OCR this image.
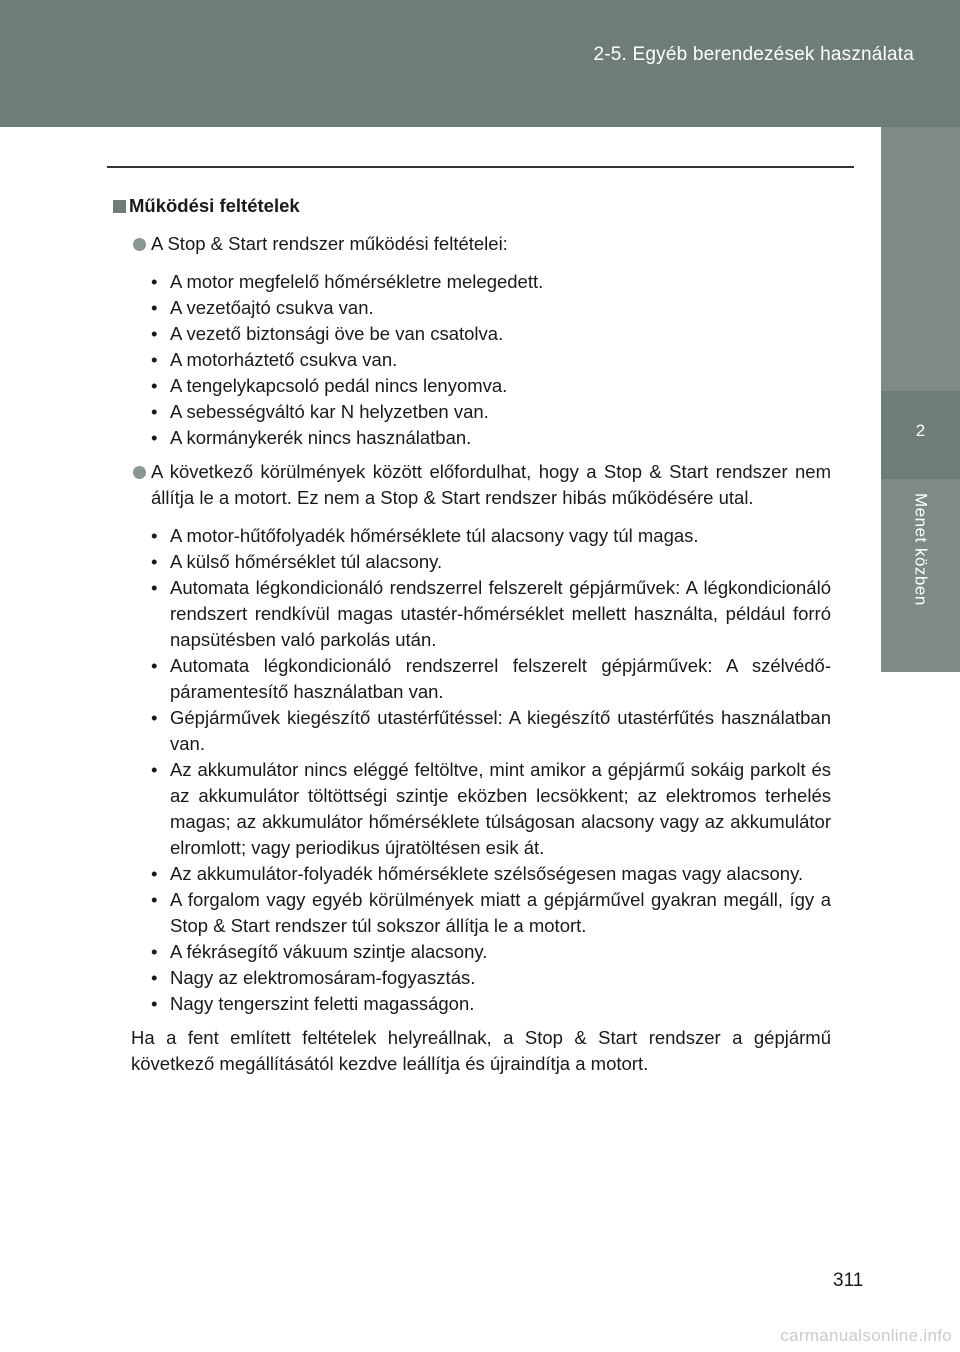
2-5. Egyéb berendezések használata
2
Menet közben
Működési feltételek
A Stop & Start rendszer működési feltételei:
• A motor megfelelő hőmérsékletre melegedett.
• A vezetőajtó csukva van.
• A vezető biztonsági öve be van csatolva.
• A motorháztető csukva van.
• A tengelykapcsoló pedál nincs lenyomva.
• A sebességváltó kar N helyzetben van.
• A kormánykerék nincs használatban.
A következő körülmények között előfordulhat, hogy a Stop & Start rendszer nem állítja le a motort. Ez nem a Stop & Start rendszer hibás működésére utal.
• A motor-hűtőfolyadék hőmérséklete túl alacsony vagy túl magas.
• A külső hőmérséklet túl alacsony.
• Automata légkondicionáló rendszerrel felszerelt gépjárművek: A légkondicionáló rendszert rendkívül magas utastér-hőmérséklet mellett használta, például forró napsütésben való parkolás után.
• Automata légkondicionáló rendszerrel felszerelt gépjárművek: A szélvédő-páramentesítő használatban van.
• Gépjárművek kiegészítő utastérfűtéssel: A kiegészítő utastérfűtés használatban van.
• Az akkumulátor nincs eléggé feltöltve, mint amikor a gépjármű sokáig parkolt és az akkumulátor töltöttségi szintje eközben lecsökkent; az elektromos terhelés magas; az akkumulátor hőmérséklete túlságosan alacsony vagy az akkumulátor elromlott; vagy periodikus újratöltésen esik át.
• Az akkumulátor-folyadék hőmérséklete szélsőségesen magas vagy alacsony.
• A forgalom vagy egyéb körülmények miatt a gépjárművel gyakran megáll, így a Stop & Start rendszer túl sokszor állítja le a motort.
• A fékrásegítő vákuum szintje alacsony.
• Nagy az elektromosáram-fogyasztás.
• Nagy tengerszint feletti magasságon.

Ha a fent említett feltételek helyreállnak, a Stop & Start rendszer a gépjármű következő megállításától kezdve leállítja és újraindítja a motort.

311
carmanualsonline.info
